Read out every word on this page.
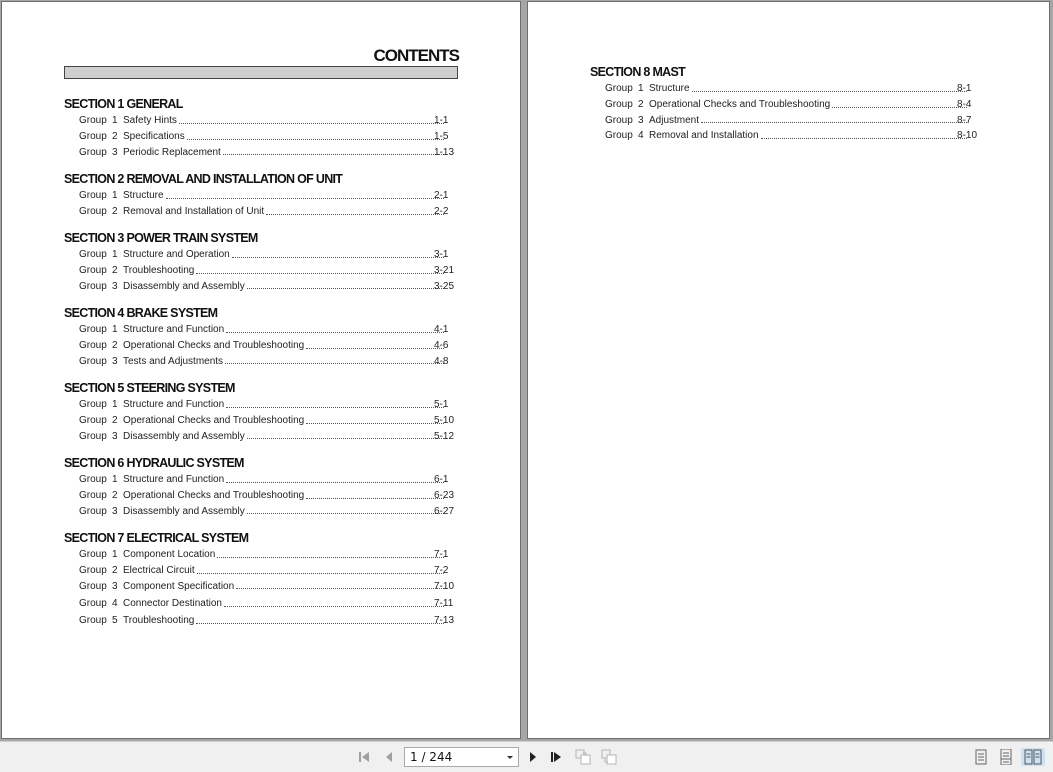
CONTENTS
SECTION 1 GENERAL
Group 1 Safety Hints	1-1
Group 2 Specifications	1-5
Group 3 Periodic Replacement	1-13
SECTION 2 REMOVAL AND INSTALLATION OF UNIT
Group 1 Structure	2-1
Group 2 Removal and Installation of Unit	2-2
SECTION 3 POWER TRAIN SYSTEM
Group 1 Structure and Operation	3-1
Group 2 Troubleshooting	3-21
Group 3 Disassembly and Assembly	3-25
SECTION 4 BRAKE SYSTEM
Group 1 Structure and Function	4-1
Group 2 Operational Checks and Troubleshooting	4-6
Group 3 Tests and Adjustments	4-8
SECTION 5 STEERING SYSTEM
Group 1 Structure and Function	5-1
Group 2 Operational Checks and Troubleshooting	5-10
Group 3 Disassembly and Assembly	5-12
SECTION 6 HYDRAULIC SYSTEM
Group 1 Structure and Function	6-1
Group 2 Operational Checks and Troubleshooting	6-23
Group 3 Disassembly and Assembly	6-27
SECTION 7 ELECTRICAL SYSTEM
Group 1 Component Location	7-1
Group 2 Electrical Circuit	7-2
Group 3 Component Specification	7-10
Group 4 Connector Destination	7-11
Group 5 Troubleshooting	7-13
SECTION 8 MAST
Group 1 Structure	8-1
Group 2 Operational Checks and Troubleshooting	8-4
Group 3 Adjustment	8-7
Group 4 Removal and Installation	8-10
1 / 244
